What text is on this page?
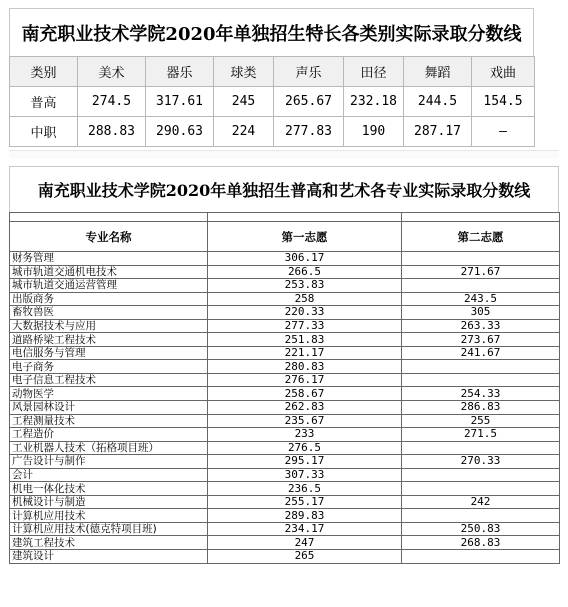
南充职业技术学院2020年单独招生特长各类别实际录取分数线
类别	美术	器乐	球类	声乐	田径	舞蹈	戏曲
普高	274.5	317.61	245	265.67	232.18	244.5	154.5
中职	288.83	290.63	224	277.83	190	287.17	—
南充职业技术学院2020年单独招生普高和艺术各专业实际录取分数线

专业名称	第一志愿	第二志愿
财务管理	306.17	
城市轨道交通机电技术	266.5	271.67
城市轨道交通运营管理	253.83	
出版商务	258	243.5
畜牧兽医	220.33	305
大数据技术与应用	277.33	263.33
道路桥梁工程技术	251.83	273.67
电信服务与管理	221.17	241.67
电子商务	280.83	
电子信息工程技术	276.17	
动物医学	258.67	254.33
风景园林设计	262.83	286.83
工程测量技术	235.67	255
工程造价	233	271.5
工业机器人技术（拓格项目班）	276.5	
广告设计与制作	295.17	270.33
会计	307.33	
机电一体化技术	236.5	
机械设计与制造	255.17	242
计算机应用技术	289.83	
计算机应用技术(德克特项目班)	234.17	250.83
建筑工程技术	247	268.83
建筑设计	265	
